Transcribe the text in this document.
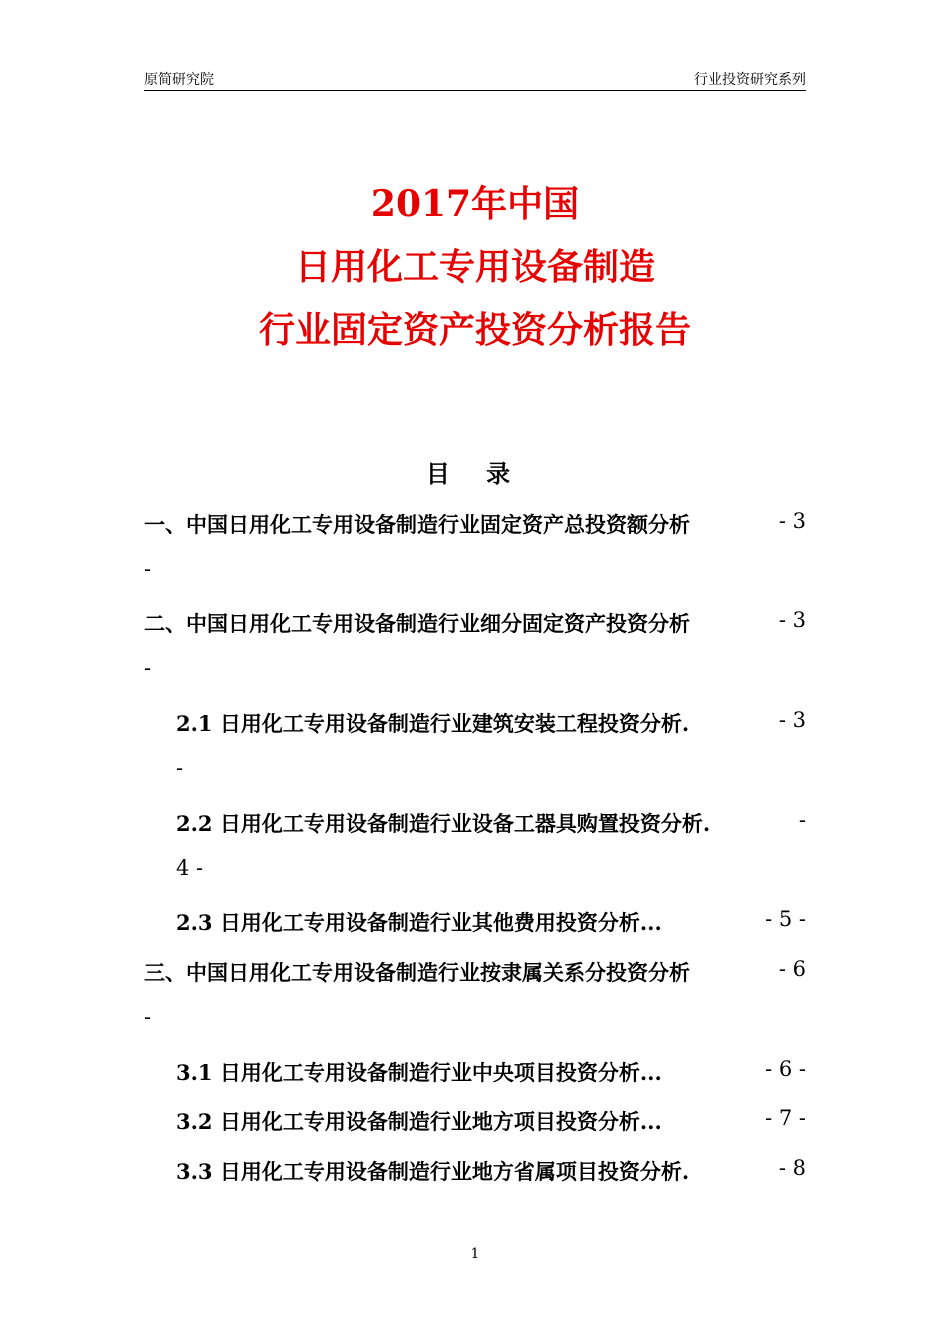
原简研究院	行业投资研究系列
2017年中国
日用化工专用设备制造
行业固定资产投资分析报告
目 录
一、中国日用化工专用设备制造行业固定资产总投资额分析	- 3
-
二、中国日用化工专用设备制造行业细分固定资产投资分析	- 3
-
2.1 日用化工专用设备制造行业建筑安装工程投资分析.	- 3
-
2.2 日用化工专用设备制造行业设备工器具购置投资分析.	-
4 -
2.3 日用化工专用设备制造行业其他费用投资分析...	- 5 -
三、中国日用化工专用设备制造行业按隶属关系分投资分析	- 6
-
3.1 日用化工专用设备制造行业中央项目投资分析...	- 6 -
3.2 日用化工专用设备制造行业地方项目投资分析...	- 7 -
3.3 日用化工专用设备制造行业地方省属项目投资分析.	- 8
1
